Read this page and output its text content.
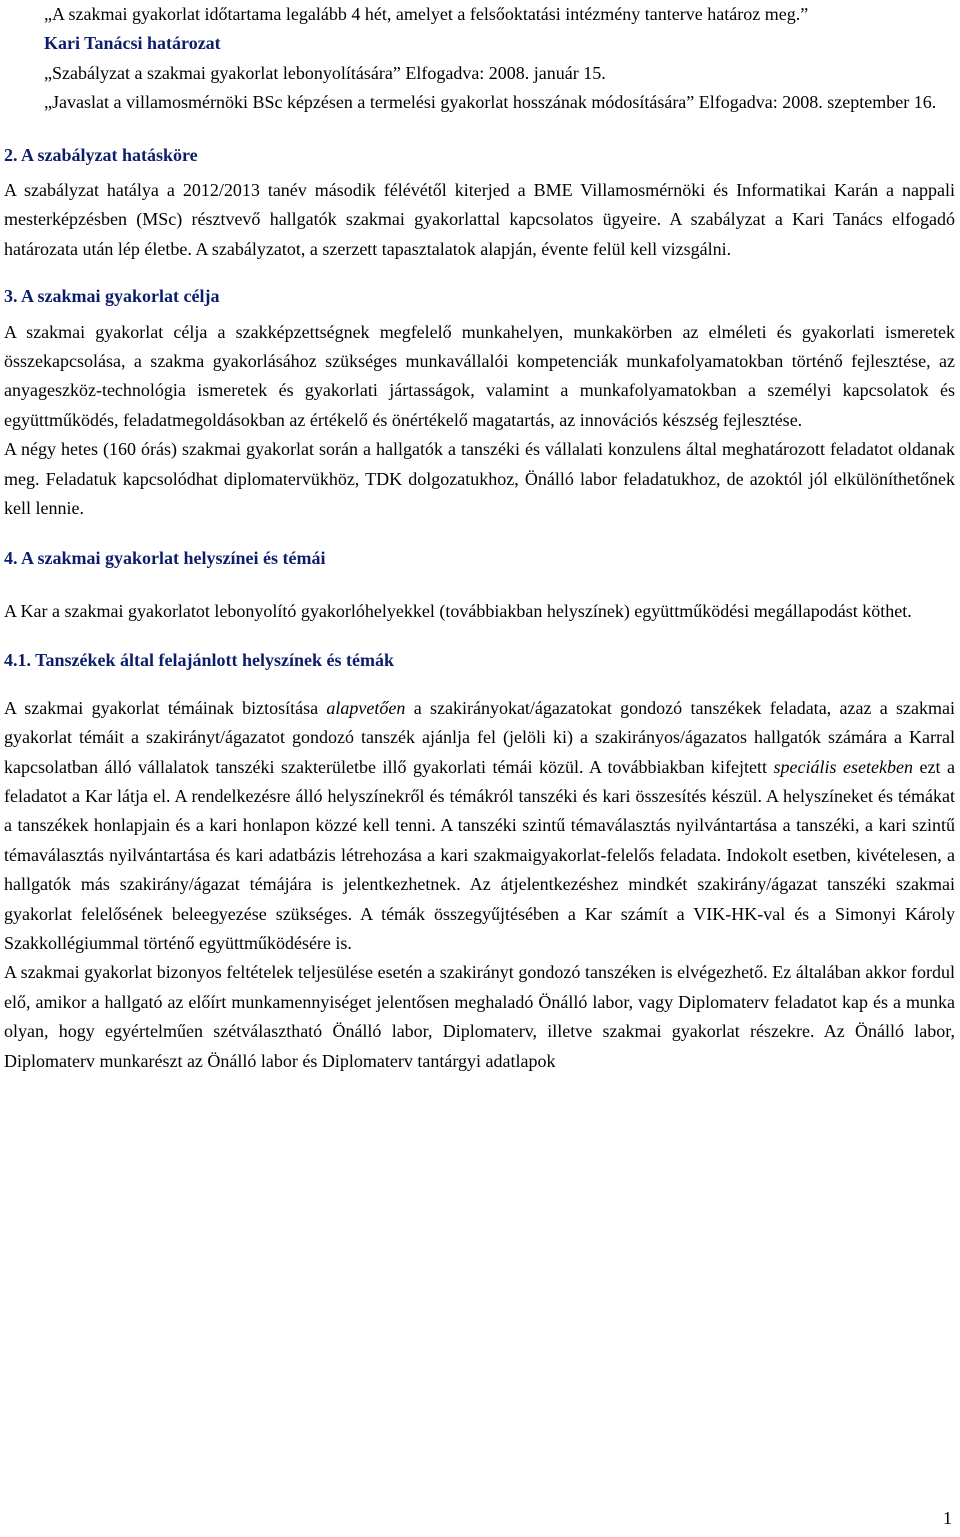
„A szakmai gyakorlat időtartama legalább 4 hét, amelyet a felsőoktatási intézmény tanterve határoz meg.”

Kari Tanácsi határozat

„Szabályzat a szakmai gyakorlat lebonyolítására” Elfogadva: 2008. január 15.

„Javaslat a villamosmérnöki BSc képzésen a termelési gyakorlat hosszának módosítására” Elfogadva: 2008. szeptember 16.

2. A szabályzat hatásköre

A szabályzat hatálya a 2012/2013 tanév második félévétől kiterjed a BME Villamosmérnöki és Informatikai Karán a nappali mesterképzésben (MSc) résztvevő hallgatók szakmai gyakorlattal kapcsolatos ügyeire. A szabályzat a Kari Tanács elfogadó határozata után lép életbe. A szabályzatot, a szerzett tapasztalatok alapján, évente felül kell vizsgálni.

3. A szakmai gyakorlat célja

A szakmai gyakorlat célja a szakképzettségnek megfelelő munkahelyen, munkakörben az elméleti és gyakorlati ismeretek összekapcsolása, a szakma gyakorlásához szükséges munkavállalói kompetenciák munkafolyamatokban történő fejlesztése, az anyageszköz-technológia ismeretek és gyakorlati jártasságok, valamint a munkafolyamatokban a személyi kapcsolatok és együttműködés, feladatmegoldásokban az értékelő és önértékelő magatartás, az innovációs készség fejlesztése.

A négy hetes (160 órás) szakmai gyakorlat során a hallgatók a tanszéki és vállalati konzulens által meghatározott feladatot oldanak meg. Feladatuk kapcsolódhat diplomatervükhöz, TDK dolgozatukhoz, Önálló labor feladatukhoz, de azoktól jól elkülöníthetőnek kell lennie.

4. A szakmai gyakorlat helyszínei és témái

A Kar a szakmai gyakorlatot lebonyolító gyakorlóhelyekkel (továbbiakban helyszínek) együttműködési megállapodást köthet.

4.1. Tanszékek által felajánlott helyszínek és témák

A szakmai gyakorlat témáinak biztosítása alapvetően a szakirányokat/ágazatokat gondozó tanszékek feladata, azaz a szakmai gyakorlat témáit a szakirányt/ágazatot gondozó tanszék ajánlja fel (jelöli ki) a szakirányos/ágazatos hallgatók számára a Karral kapcsolatban álló vállalatok tanszéki szakterületbe illő gyakorlati témái közül. A továbbiakban kifejtett speciális esetekben ezt a feladatot a Kar látja el. A rendelkezésre álló helyszínekről és témákról tanszéki és kari összesítés készül. A helyszíneket és témákat a tanszékek honlapjain és a kari honlapon közzé kell tenni. A tanszéki szintű témaválasztás nyilvántartása a tanszéki, a kari szintű témaválasztás nyilvántartása és kari adatbázis létrehozása a kari szakmaigyakorlat-felelős feladata. Indokolt esetben, kivételesen, a hallgatók más szakirány/ágazat témájára is jelentkezhetnek. Az átjelentkezéshez mindkét szakirány/ágazat tanszéki szakmai gyakorlat felelősének beleegyezése szükséges. A témák összegyűjtésében a Kar számít a VIK-HK-val és a Simonyi Károly Szakkollégiummal történő együttműködésére is.

A szakmai gyakorlat bizonyos feltételek teljesülése esetén a szakirányt gondozó tanszéken is elvégezhető. Ez általában akkor fordul elő, amikor a hallgató az előírt munkamennyiséget jelentősen meghaladó Önálló labor, vagy Diplomaterv feladatot kap és a munka olyan, hogy egyértelműen szétválasztható Önálló labor, Diplomaterv, illetve szakmai gyakorlat részekre. Az Önálló labor, Diplomaterv munkarészt az Önálló labor és Diplomaterv tantárgyi adatlapok

1
